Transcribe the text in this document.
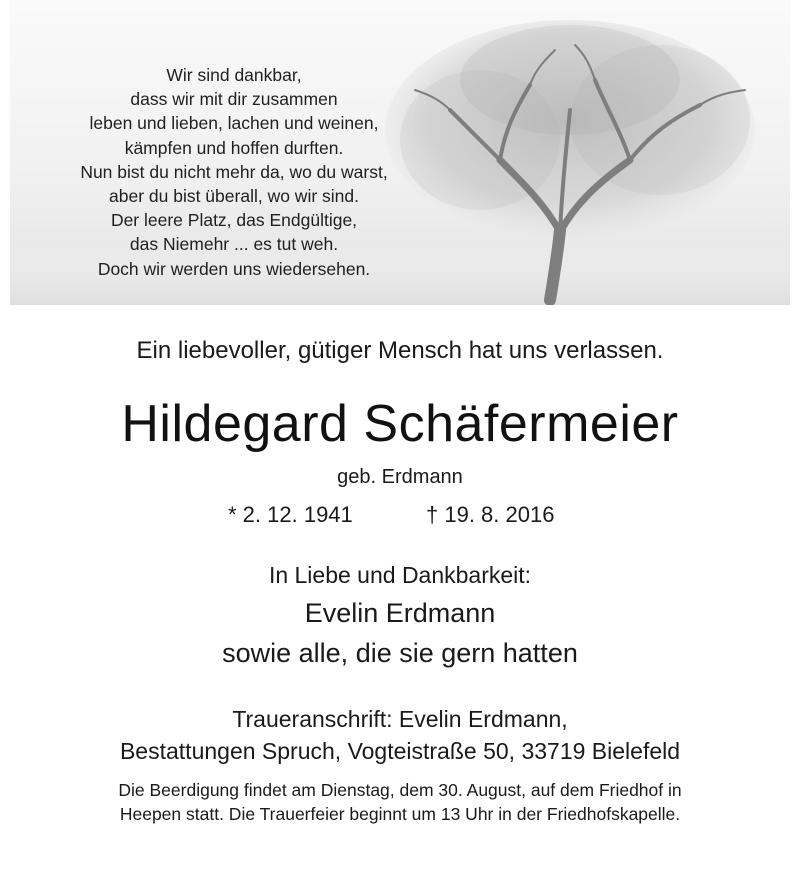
Wir sind dankbar,
dass wir mit dir zusammen
leben und lieben, lachen und weinen,
kämpfen und hoffen durften.
Nun bist du nicht mehr da, wo du warst,
aber du bist überall, wo wir sind.
Der leere Platz, das Endgültige,
das Niemehr ... es tut weh.
Doch wir werden uns wiedersehen.
Ein liebevoller, gütiger Mensch hat uns verlassen.
Hildegard Schäfermeier
geb. Erdmann
* 2. 12. 1941	† 19. 8. 2016
In Liebe und Dankbarkeit:
Evelin Erdmann
sowie alle, die sie gern hatten
Traueranschrift: Evelin Erdmann,
Bestattungen Spruch, Vogteistraße 50, 33719 Bielefeld
Die Beerdigung findet am Dienstag, dem 30. August, auf dem Friedhof in
Heepen statt. Die Trauerfeier beginnt um 13 Uhr in der Friedhofskapelle.
